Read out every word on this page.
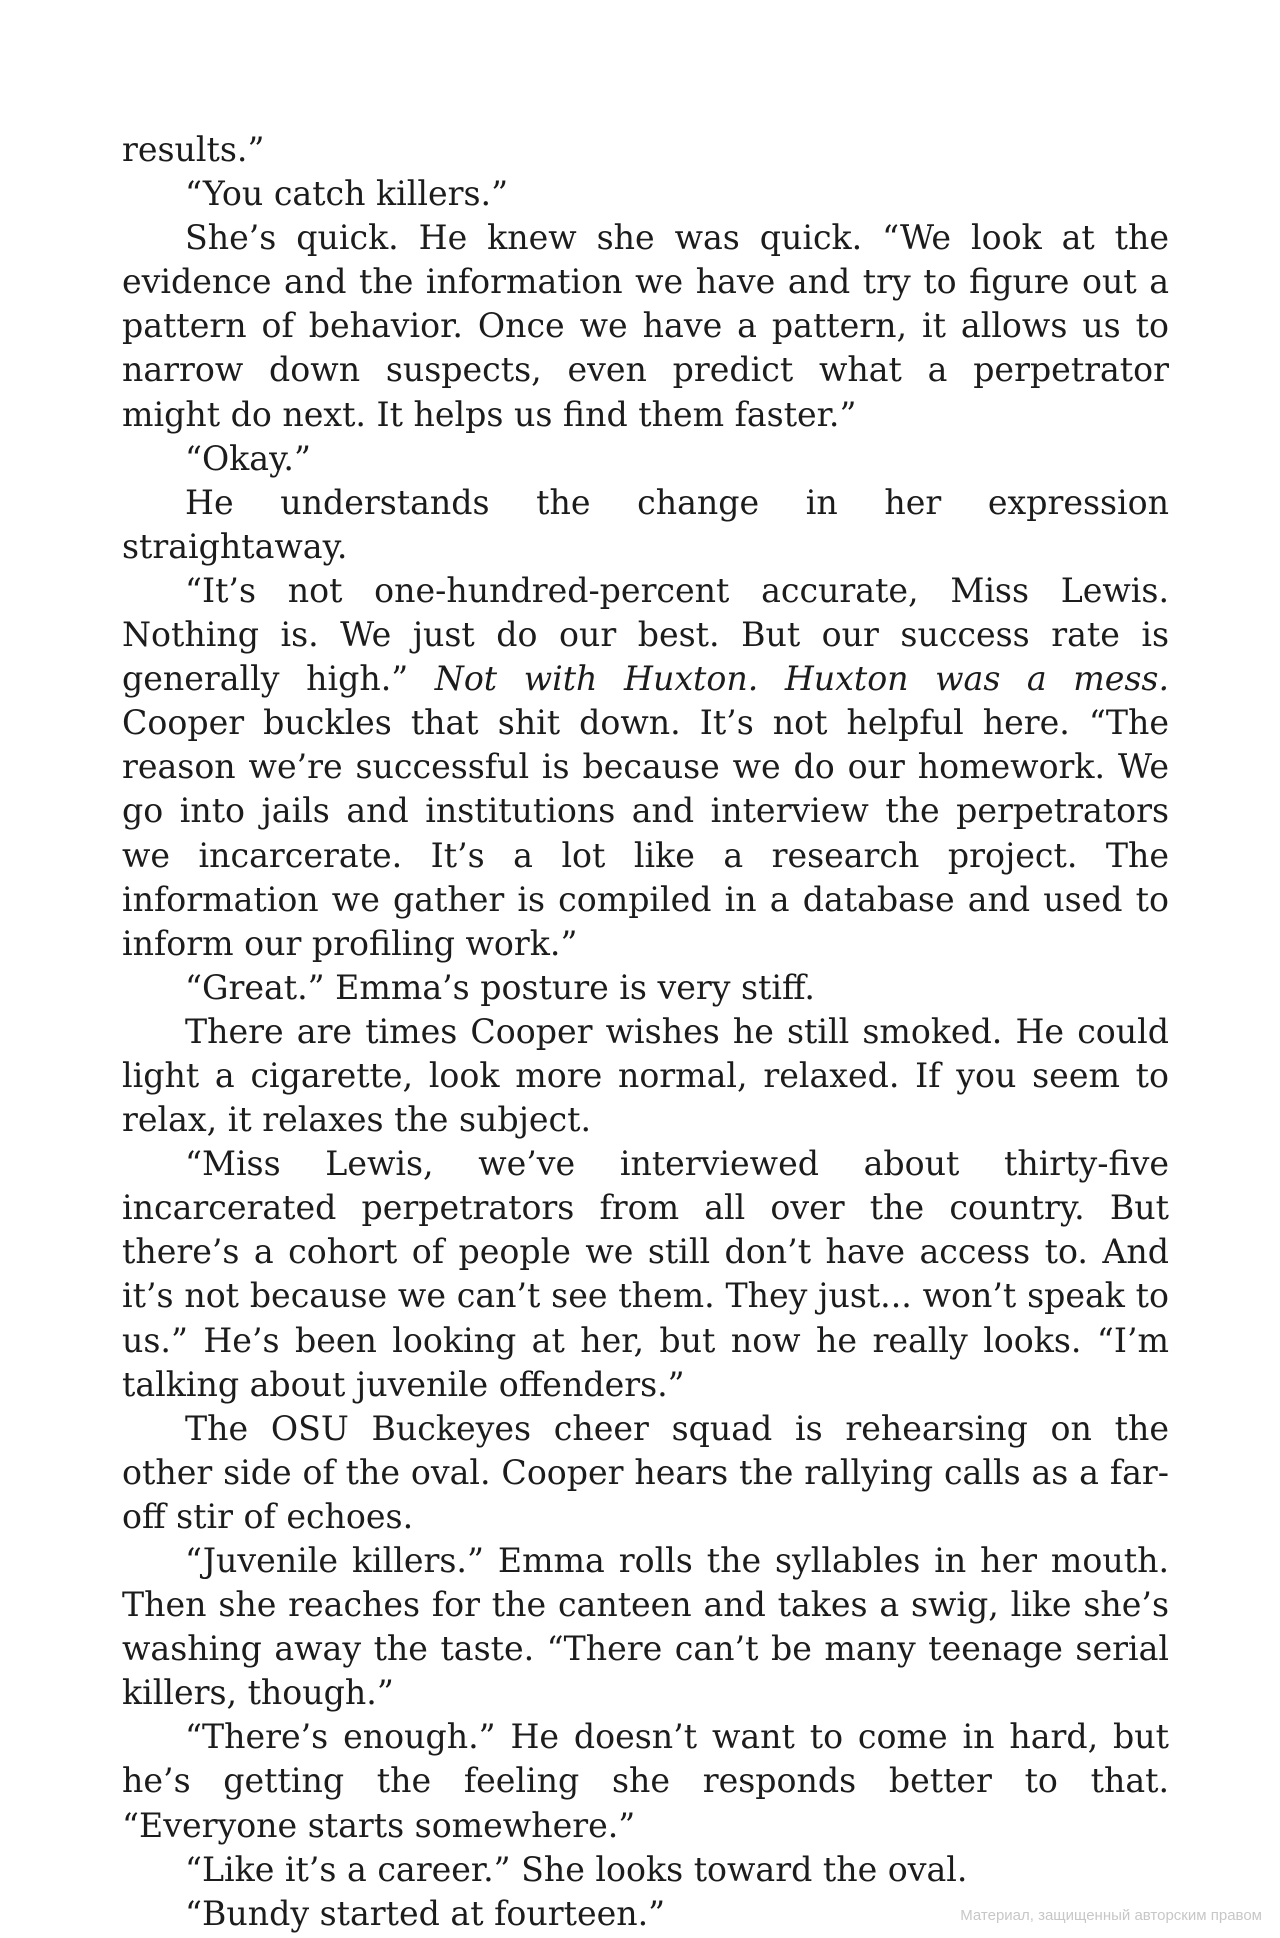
results.”

“You catch killers.”

She’s quick. He knew she was quick. “We look at the evidence and the information we have and try to figure out a pattern of behavior. Once we have a pattern, it allows us to narrow down suspects, even predict what a perpetrator might do next. It helps us find them faster.”

“Okay.”

He understands the change in her expression straightaway.

“It’s not one-hundred-percent accurate, Miss Lewis. Nothing is. We just do our best. But our success rate is generally high.” Not with Huxton. Huxton was a mess. Cooper buckles that shit down. It’s not helpful here. “The reason we’re successful is because we do our homework. We go into jails and institutions and interview the perpetrators we incarcerate. It’s a lot like a research project. The information we gather is compiled in a database and used to inform our profiling work.”

“Great.” Emma’s posture is very stiff.

There are times Cooper wishes he still smoked. He could light a cigarette, look more normal, relaxed. If you seem to relax, it relaxes the subject.

“Miss Lewis, we’ve interviewed about thirty-five incarcerated perpetrators from all over the country. But there’s a cohort of people we still don’t have access to. And it’s not because we can’t see them. They just... won’t speak to us.” He’s been looking at her, but now he really looks. “I’m talking about juvenile offenders.”

The OSU Buckeyes cheer squad is rehearsing on the other side of the oval. Cooper hears the rallying calls as a far-off stir of echoes.

“Juvenile killers.” Emma rolls the syllables in her mouth. Then she reaches for the canteen and takes a swig, like she’s washing away the taste. “There can’t be many teenage serial killers, though.”

“There’s enough.” He doesn’t want to come in hard, but he’s getting the feeling she responds better to that. “Everyone starts somewhere.”

“Like it’s a career.” She looks toward the oval.

“Bundy started at fourteen.”	Материал, защищенный авторским правом
